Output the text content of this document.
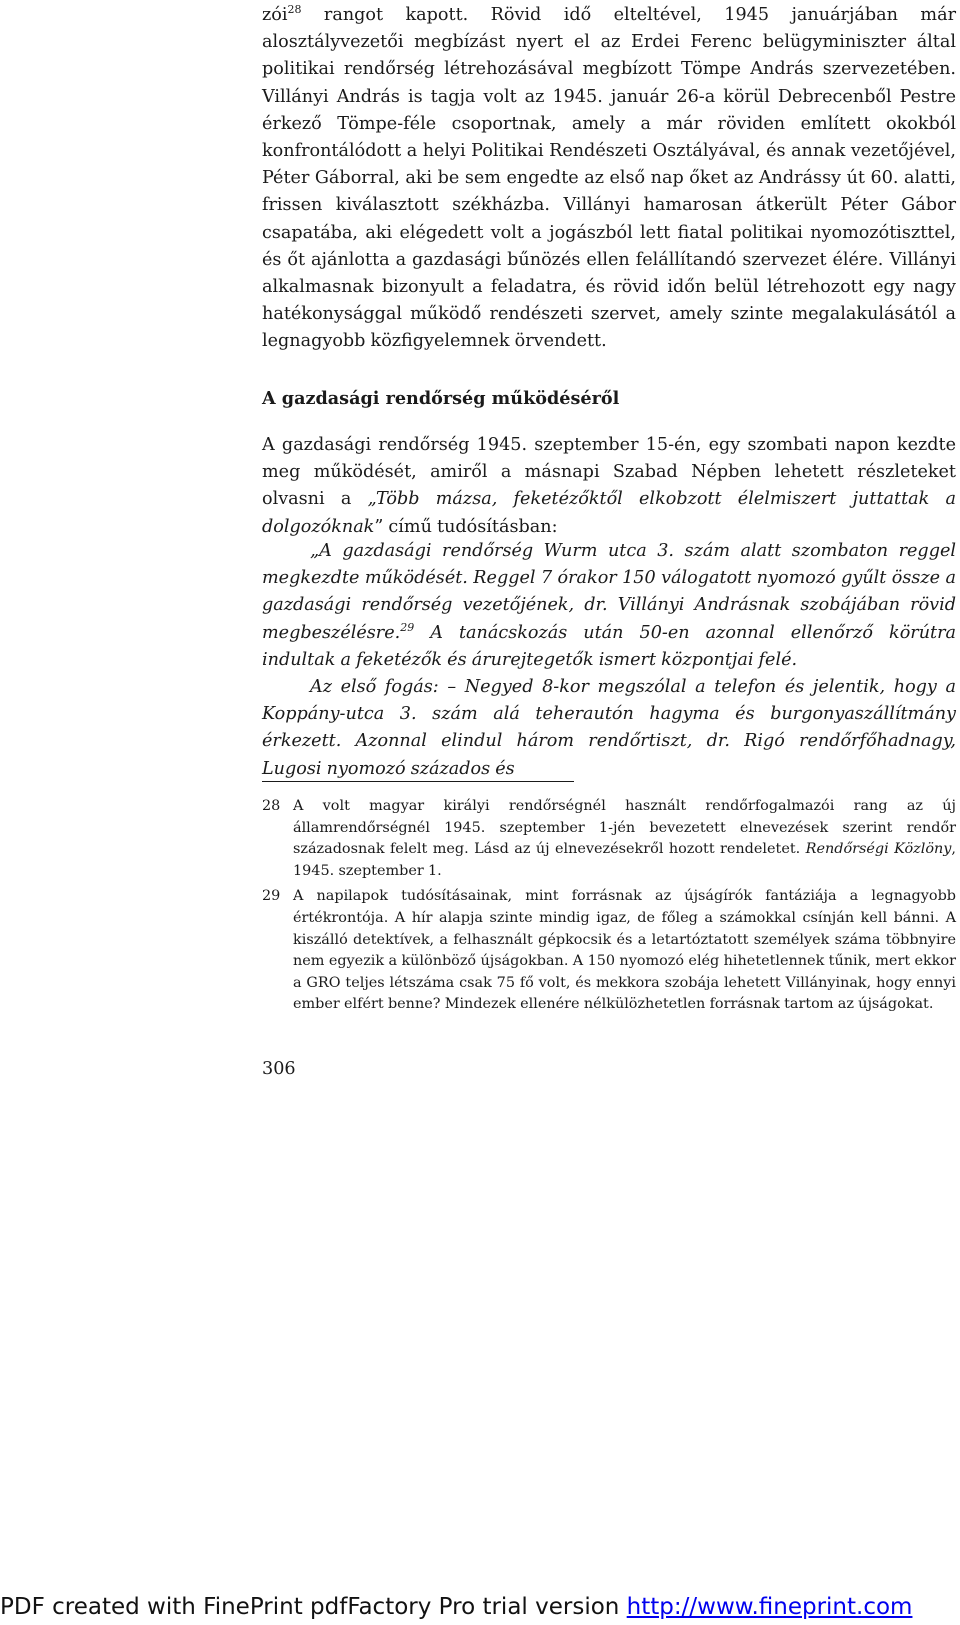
zói$^{28}$ rangot kapott. Rövid idő elteltével, 1945 januárjában már alosztályvezetői megbízást nyert el az Erdei Ferenc belügyminiszter által politikai rendőrség létrehozásával megbízott Tömpe András szervezetében. Villányi András is tagja volt az 1945. január 26-a körül Debrecenből Pestre érkező Tömpe-féle csoportnak, amely a már röviden említett okokból konfrontálódott a helyi Politikai Rendészeti Osztályával, és annak vezetőjével, Péter Gáborral, aki be sem engedte az első nap őket az Andrássy út 60. alatti, frissen kiválasztott székházba. Villányi hamarosan átkerült Péter Gábor csapatába, aki elégedett volt a jogászból lett fiatal politikai nyomozótiszttel, és őt ajánlotta a gazdasági bűnözés ellen felállítandó szervezet élére. Villányi alkalmasnak bizonyult a feladatra, és rövid időn belül létrehozott egy nagy hatékonysággal működő rendészeti szervet, amely szinte megalakulásától a legnagyobb közfigyelemnek örvendett.

A gazdasági rendőrség működéséről

A gazdasági rendőrség 1945. szeptember 15-én, egy szombati napon kezdte meg működését, amiről a másnapi Szabad Népben lehetett részleteket olvasni a „Több mázsa, feketézőktől elkobzott élelmiszert juttattak a dolgozóknak” című tudósításban:

„A gazdasági rendőrség Wurm utca 3. szám alatt szombaton reggel megkezdte működését. Reggel 7 órakor 150 válogatott nyomozó gyűlt össze a gazdasági rendőrség vezetőjének, dr. Villányi Andrásnak szobájában rövid megbeszélésre.$^{29}$ A tanácskozás után 50-en azonnal ellenőrző körútra indultak a feketézők és árurejtegetők ismert központjai felé.

Az első fogás: – Negyed 8-kor megszólal a telefon és jelentik, hogy a Koppány-utca 3. szám alá teherautón hagyma és burgonyaszállítmány érkezett. Azonnal elindul három rendőrtiszt, dr. Rigó rendőrfőhadnagy, Lugosi nyomozó százados és

28 A volt magyar királyi rendőrségnél használt rendőrfogalmazói rang az új államrendőrségnél 1945. szeptember 1-jén bevezetett elnevezések szerint rendőr századosnak felelt meg. Lásd az új elnevezésekről hozott rendeletet. Rendőrségi Közlöny, 1945. szeptember 1.
29 A napilapok tudósításainak, mint forrásnak az újságírók fantáziája a legnagyobb értékrontója. A hír alapja szinte mindig igaz, de főleg a számokkal csínján kell bánni. A kiszálló detektívek, a felhasznált gépkocsik és a letartóztatott személyek száma többnyire nem egyezik a különböző újságokban. A 150 nyomozó elég hihetetlennek tűnik, mert ekkor a GRO teljes létszáma csak 75 fő volt, és mekkora szobája lehetett Villányinak, hogy ennyi ember elfért benne? Mindezek ellenére nélkülözhetetlen forrásnak tartom az újságokat.

306

PDF created with FinePrint pdfFactory Pro trial version http://www.fineprint.com
